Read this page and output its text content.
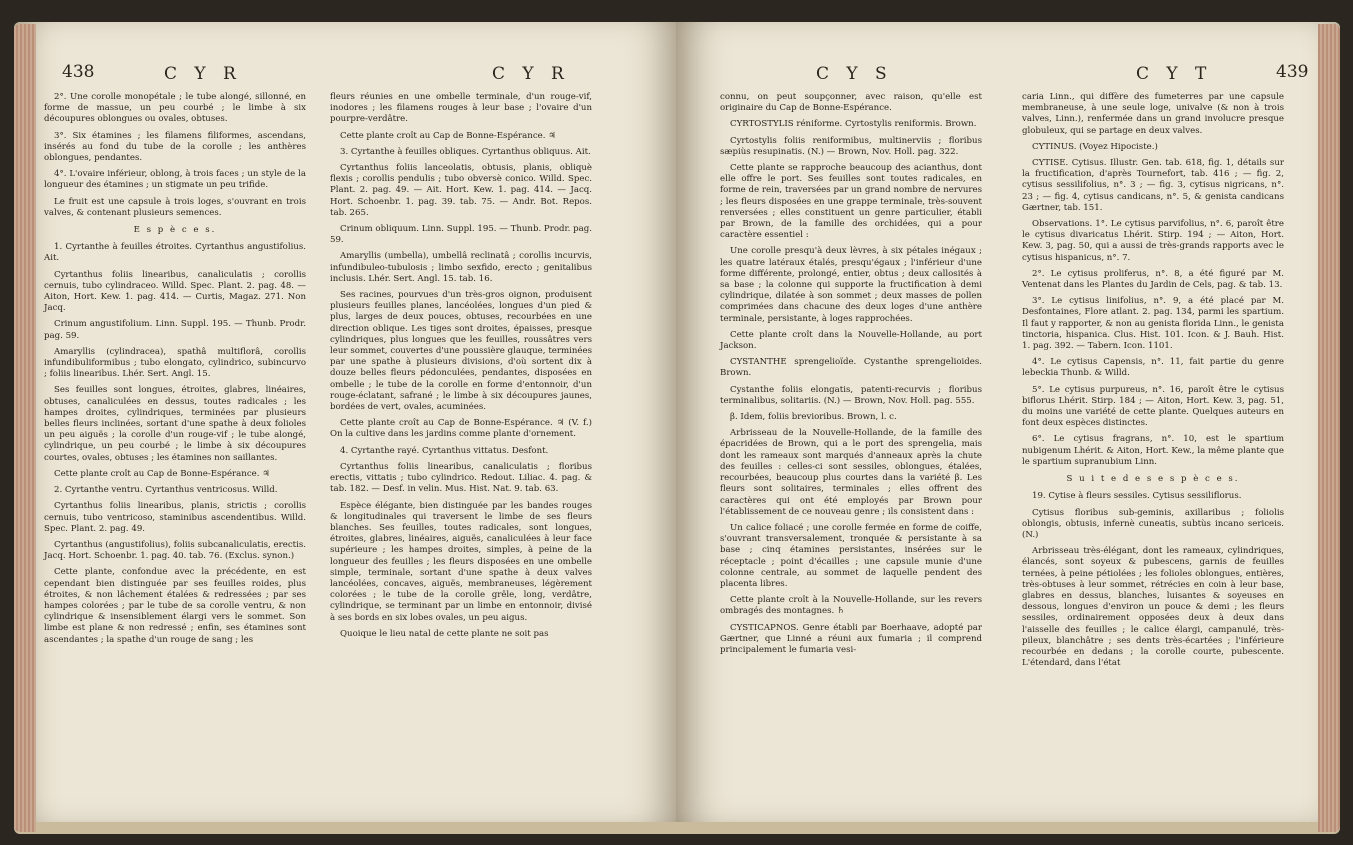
438	C Y R	C Y R

2°. Une corolle monopétale ; le tube alongé, sillonné, en forme de massue, un peu courbé ; le limbe à six découpures oblongues ou ovales, obtuses.

3°. Six étamines ; les filamens filiformes, ascendans, insérés au fond du tube de la corolle ; les anthères oblongues, pendantes.

4°. L'ovaire inférieur, oblong, à trois faces ; un style de la longueur des étamines ; un stigmate un peu trifide.

Le fruit est une capsule à trois loges, s'ouvrant en trois valves, & contenant plusieurs semences.

E s p è c e s.

1. Cyrtanthe à feuilles étroites. Cyrtanthus angustifolius. Ait.

Cyrtanthus foliis linearibus, canaliculatis ; corollis cernuis, tubo cylindraceo. Willd. Spec. Plant. 2. pag. 48. — Aiton, Hort. Kew. 1. pag. 414. — Curtis, Magaz. 271. Non Jacq.

Crinum angustifolium. Linn. Suppl. 195. — Thunb. Prodr. pag. 59.

Amaryllis (cylindracea), spathâ multiflorâ, corollis infundibuliformibus ; tubo elongato, cylindrico, subincurvo ; foliis linearibus. Lhér. Sert. Angl. 15.

Ses feuilles sont longues, étroites, glabres, linéaires, obtuses, canaliculées en dessus, toutes radicales ; les hampes droites, cylindriques, terminées par plusieurs belles fleurs inclinées, sortant d'une spathe à deux folioles un peu aiguës ; la corolle d'un rouge-vif ; le tube alongé, cylindrique, un peu courbé ; le limbe à six découpures courtes, ovales, obtuses ; les étamines non saillantes.

Cette plante croît au Cap de Bonne-Espérance. ♃

2. Cyrtanthe ventru. Cyrtanthus ventricosus. Willd.

Cyrtanthus foliis linearibus, planis, strictis ; corollis cernuis, tubo ventricoso, staminibus ascendentibus. Willd. Spec. Plant. 2. pag. 49.

Cyrtanthus (angustifolius), foliis subcanaliculatis, erectis. Jacq. Hort. Schoenbr. 1. pag. 40. tab. 76. (Exclus. synon.)

Cette plante, confondue avec la précédente, en est cependant bien distinguée par ses feuilles roides, plus étroites, & non lâchement étalées & redressées ; par ses hampes colorées ; par le tube de sa corolle ventru, & non cylindrique & insensiblement élargi vers le sommet. Son limbe est plane & non redressé ; enfin, ses étamines sont ascendantes ; la spathe d'un rouge de sang ; les

fleurs réunies en une ombelle terminale, d'un rouge-vif, inodores ; les filamens rouges à leur base ; l'ovaire d'un pourpre-verdâtre.

Cette plante croît au Cap de Bonne-Espérance. ♃

3. Cyrtanthe à feuilles obliques. Cyrtanthus obliquus. Ait.

Cyrtanthus foliis lanceolatis, obtusis, planis, obliquè flexis ; corollis pendulis ; tubo obversè conico. Willd. Spec. Plant. 2. pag. 49. — Ait. Hort. Kew. 1. pag. 414. — Jacq. Hort. Schoenbr. 1. pag. 39. tab. 75. — Andr. Bot. Repos. tab. 265.

Crinum obliquum. Linn. Suppl. 195. — Thunb. Prodr. pag. 59.

Amaryllis (umbella), umbellâ reclinatâ ; corollis incurvis, infundibuleo-tubulosis ; limbo sexfido, erecto ; genitalibus inclusis. Lhér. Sert. Angl. 15. tab. 16.

Ses racines, pourvues d'un très-gros oignon, produisent plusieurs feuilles planes, lancéolées, longues d'un pied & plus, larges de deux pouces, obtuses, recourbées en une direction oblique. Les tiges sont droites, épaisses, presque cylindriques, plus longues que les feuilles, roussâtres vers leur sommet, couvertes d'une poussière glauque, terminées par une spathe à plusieurs divisions, d'où sortent dix à douze belles fleurs pédonculées, pendantes, disposées en ombelle ; le tube de la corolle en forme d'entonnoir, d'un rouge-éclatant, safrané ; le limbe à six découpures jaunes, bordées de vert, ovales, acuminées.

Cette plante croît au Cap de Bonne-Espérance. ♃ (V. f.) On la cultive dans les jardins comme plante d'ornement.

4. Cyrtanthe rayé. Cyrtanthus vittatus. Desfont.

Cyrtanthus foliis linearibus, canaliculatis ; floribus erectis, vittatis ; tubo cylindrico. Redout. Liliac. 4. pag. & tab. 182. — Desf. in velin. Mus. Hist. Nat. 9. tab. 63.

Espèce élégante, bien distinguée par les bandes rouges & longitudinales qui traversent le limbe de ses fleurs blanches. Ses feuilles, toutes radicales, sont longues, étroites, glabres, linéaires, aiguës, canaliculées à leur face supérieure ; les hampes droites, simples, à peine de la longueur des feuilles ; les fleurs disposées en une ombelle simple, terminale, sortant d'une spathe à deux valves lancéolées, concaves, aiguës, membraneuses, légèrement colorées ; le tube de la corolle grêle, long, verdâtre, cylindrique, se terminant par un limbe en entonnoir, divisé à ses bords en six lobes ovales, un peu aigus.

Quoique le lieu natal de cette plante ne soit pas

C Y S	C Y T	439

connu, on peut soupçonner, avec raison, qu'elle est originaire du Cap de Bonne-Espérance.

CYRTOSTYLIS réniforme. Cyrtostylis reniformis. Brown.

Cyrtostylis foliis reniformibus, multinerviis ; floribus sæpiùs resupinatis. (N.) — Brown, Nov. Holl. pag. 322.

Cette plante se rapproche beaucoup des acianthus, dont elle offre le port. Ses feuilles sont toutes radicales, en forme de rein, traversées par un grand nombre de nervures ; les fleurs disposées en une grappe terminale, très-souvent renversées ; elles constituent un genre particulier, établi par Brown, de la famille des orchidées, qui a pour caractère essentiel :

Une corolle presqu'à deux lèvres, à six pétales inégaux ; les quatre latéraux étalés, presqu'égaux ; l'inférieur d'une forme différente, prolongé, entier, obtus ; deux callosités à sa base ; la colonne qui supporte la fructification à demi cylindrique, dilatée à son sommet ; deux masses de pollen comprimées dans chacune des deux loges d'une anthère terminale, persistante, à loges rapprochées.

Cette plante croît dans la Nouvelle-Hollande, au port Jackson.

CYSTANTHE sprengelioïde. Cystanthe sprengelioides. Brown.

Cystanthe foliis elongatis, patenti-recurvis ; floribus terminalibus, solitariis. (N.) — Brown, Nov. Holl. pag. 555.

β. Idem, foliis brevioribus. Brown, l. c.

Arbrisseau de la Nouvelle-Hollande, de la famille des épacridées de Brown, qui a le port des sprengelia, mais dont les rameaux sont marqués d'anneaux après la chute des feuilles : celles-ci sont sessiles, oblongues, étalées, recourbées, beaucoup plus courtes dans la variété β. Les fleurs sont solitaires, terminales ; elles offrent des caractères qui ont été employés par Brown pour l'établissement de ce nouveau genre ; ils consistent dans :

Un calice foliacé ; une corolle fermée en forme de coiffe, s'ouvrant transversalement, tronquée & persistante à sa base ; cinq étamines persistantes, insérées sur le réceptacle ; point d'écailles ; une capsule munie d'une colonne centrale, au sommet de laquelle pendent des placenta libres.

Cette plante croît à la Nouvelle-Hollande, sur les revers ombragés des montagnes. ♄

CYSTICAPNOS. Genre établi par Boerhaave, adopté par Gærtner, que Linné a réuni aux fumaria ; il comprend principalement le fumaria vesi-

caria Linn., qui diffère des fumeterres par une capsule membraneuse, à une seule loge, univalve (& non à trois valves, Linn.), renfermée dans un grand involucre presque globuleux, qui se partage en deux valves.

CYTINUS. (Voyez Hipociste.)

CYTISE. Cytisus. Illustr. Gen. tab. 618, fig. 1, détails sur la fructification, d'après Tournefort, tab. 416 ; — fig. 2, cytisus sessilifolius, n°. 3 ; — fig. 3, cytisus nigricans, n°. 23 ; — fig. 4, cytisus candicans, n°. 5, & genista candicans Gærtner, tab. 151.

Observations. 1°. Le cytisus parvifolius, n°. 6, paroît être le cytisus divaricatus Lhérit. Stirp. 194 ; — Aiton, Hort. Kew. 3, pag. 50, qui a aussi de très-grands rapports avec le cytisus hispanicus, n°. 7.

2°. Le cytisus proliferus, n°. 8, a été figuré par M. Ventenat dans les Plantes du Jardin de Cels, pag. & tab. 13.

3°. Le cytisus linifolius, n°. 9, a été placé par M. Desfontaines, Flore atlant. 2. pag. 134, parmi les spartium. Il faut y rapporter, & non au genista florida Linn., le genista tinctoria, hispanica. Clus. Hist. 101. Icon. & J. Bauh. Hist. 1. pag. 392. — Tabern. Icon. 1101.

4°. Le cytisus Capensis, n°. 11, fait partie du genre lebeckia Thunb. & Willd.

5°. Le cytisus purpureus, n°. 16, paroît être le cytisus biflorus Lhérit. Stirp. 184 ; — Aiton, Hort. Kew. 3, pag. 51, du moins une variété de cette plante. Quelques auteurs en font deux espèces distinctes.

6°. Le cytisus fragrans, n°. 10, est le spartium nubigenum Lhérit. & Aiton, Hort. Kew., la même plante que le spartium supranubium Linn.

S u i t e d e s e s p è c e s.

19. Cytise à fleurs sessiles. Cytisus sessiliflorus.

Cytisus floribus sub-geminis, axillaribus ; foliolis oblongis, obtusis, infernè cuneatis, subtùs incano sericeis. (N.)

Arbrisseau très-élégant, dont les rameaux, cylindriques, élancés, sont soyeux & pubescens, garnis de feuilles ternées, à peine pétiolées ; les folioles oblongues, entières, très-obtuses à leur sommet, rétrécies en coin à leur base, glabres en dessus, blanches, luisantes & soyeuses en dessous, longues d'environ un pouce & demi ; les fleurs sessiles, ordinairement opposées deux à deux dans l'aisselle des feuilles ; le calice élargi, campanulé, très-pileux, blanchâtre ; ses dents très-écartées ; l'inférieure recourbée en dedans ; la corolle courte, pubescente. L'étendard, dans l'état
